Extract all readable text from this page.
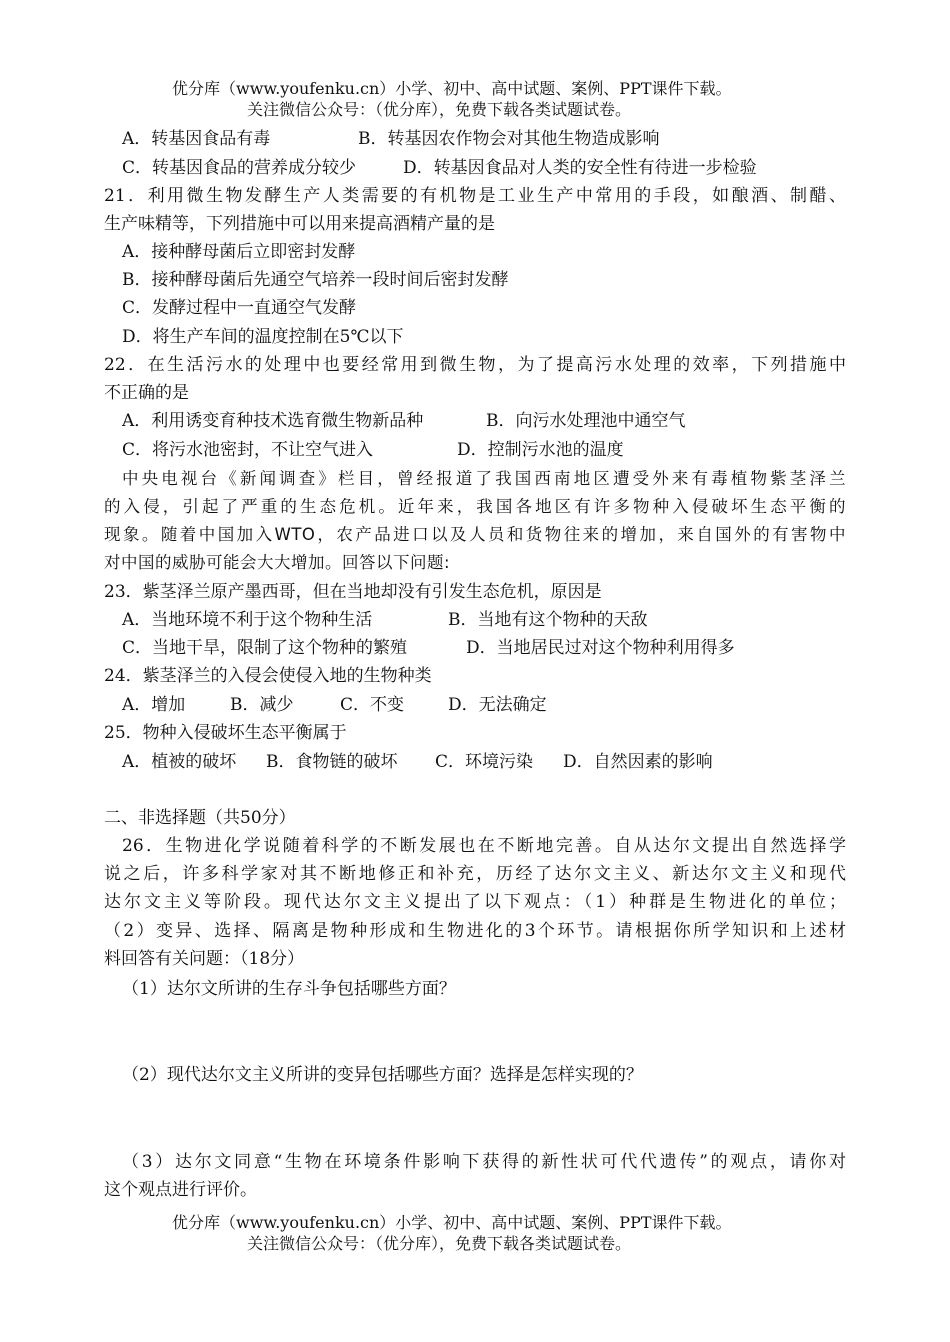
优分库（www.youfenku.cn）小学、初中、高中试题、案例、PPT课件下载。
关注微信公众号：（优分库），免费下载各类试题试卷。
A．转基因食品有毒	B．转基因农作物会对其他生物造成影响
C．转基因食品的营养成分较少	D．转基因食品对人类的安全性有待进一步检验
21．利用微生物发酵生产人类需要的有机物是工业生产中常用的手段，如酿酒、制醋、
生产味精等，下列措施中可以用来提高酒精产量的是
A．接种酵母菌后立即密封发酵
B．接种酵母菌后先通空气培养一段时间后密封发酵
C．发酵过程中一直通空气发酵
D．将生产车间的温度控制在5℃以下
22．在生活污水的处理中也要经常用到微生物，为了提高污水处理的效率，下列措施中
不正确的是
A．利用诱变育种技术选育微生物新品种	B．向污水处理池中通空气
C．将污水池密封，不让空气进入	D．控制污水池的温度
中央电视台《新闻调查》栏目，曾经报道了我国西南地区遭受外来有毒植物紫茎泽兰
的入侵，引起了严重的生态危机。近年来，我国各地区有许多物种入侵破坏生态平衡的
现象。随着中国加入WTO，农产品进口以及人员和货物往来的增加，来自国外的有害物中
对中国的威胁可能会大大增加。回答以下问题:
23．紫茎泽兰原产墨西哥，但在当地却没有引发生态危机，原因是
A．当地环境不利于这个物种生活	B．当地有这个物种的天敌
C．当地干旱，限制了这个物种的繁殖	D．当地居民过对这个物种利用得多
24．紫茎泽兰的入侵会使侵入地的生物种类
A．增加	B．减少	C．不变	D．无法确定
25．物种入侵破坏生态平衡属于
A．植被的破坏 B．食物链的破坏 C．环境污染 D．自然因素的影响
二、非选择题（共50分）
26．生物进化学说随着科学的不断发展也在不断地完善。自从达尔文提出自然选择学
说之后，许多科学家对其不断地修正和补充，历经了达尔文主义、新达尔文主义和现代
达尔文主义等阶段。现代达尔文主义提出了以下观点：（1）种群是生物进化的单位；
（2）变异、选择、隔离是物种形成和生物进化的3个环节。请根据你所学知识和上述材
料回答有关问题：（18分）
（1）达尔文所讲的生存斗争包括哪些方面？
（2）现代达尔文主义所讲的变异包括哪些方面？选择是怎样实现的？
（3）达尔文同意“生物在环境条件影响下获得的新性状可代代遗传”的观点，请你对
这个观点进行评价。
优分库（www.youfenku.cn）小学、初中、高中试题、案例、PPT课件下载。
关注微信公众号：（优分库），免费下载各类试题试卷。
